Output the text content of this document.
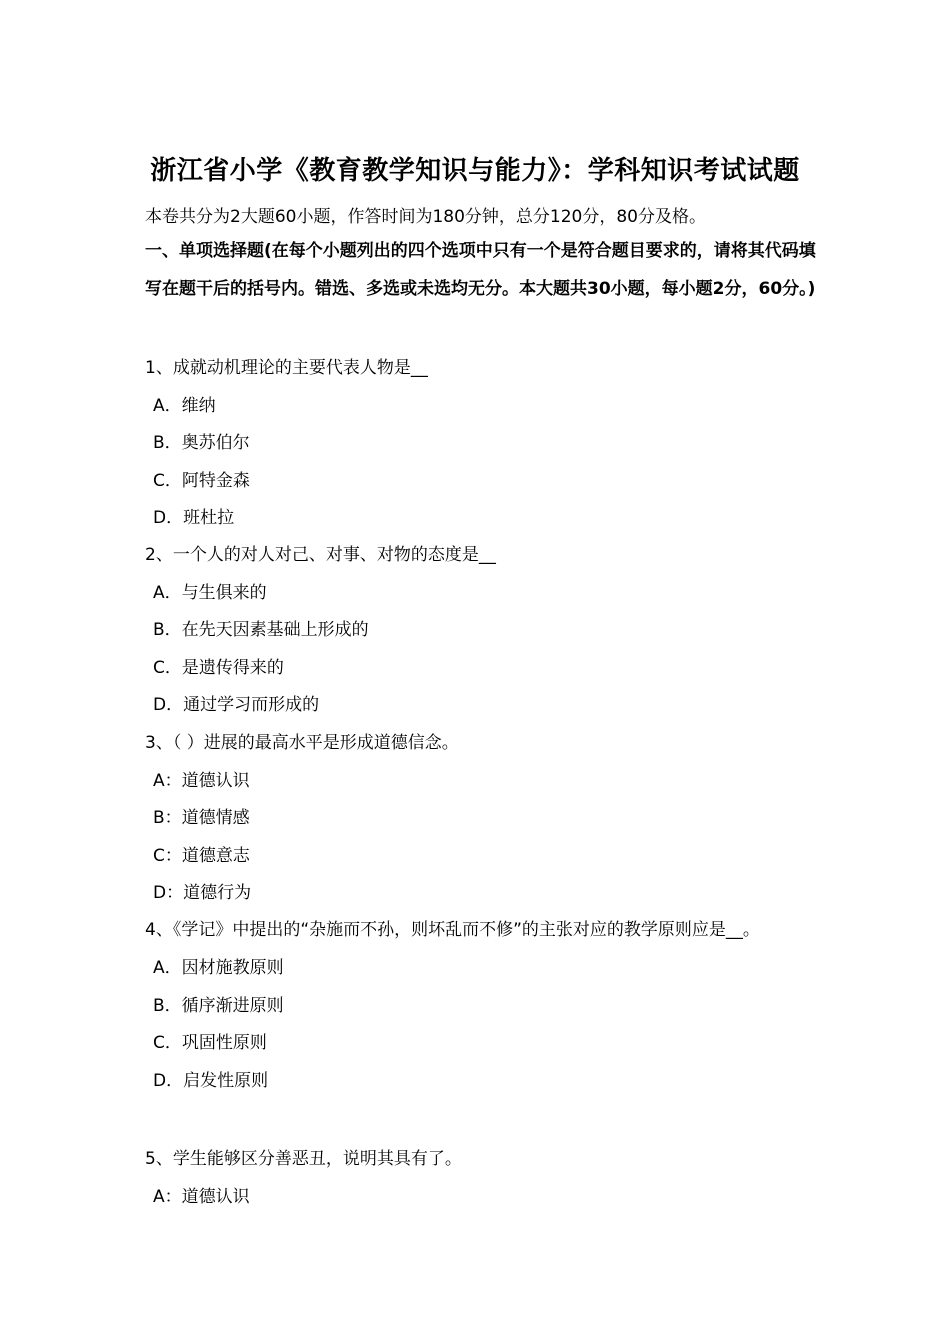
浙江省小学《教育教学知识与能力》：学科知识考试试题
本卷共分为2大题60小题，作答时间为180分钟，总分120分，80分及格。
一、单项选择题(在每个小题列出的四个选项中只有一个是符合题目要求的，请将其代码填写在题干后的括号内。错选、多选或未选均无分。本大题共30小题，每小题2分，60分。)
1、成就动机理论的主要代表人物是__
A．维纳
B．奥苏伯尔
C．阿特金森
D．班杜拉
2、一个人的对人对己、对事、对物的态度是__
A．与生俱来的
B．在先天因素基础上形成的
C．是遗传得来的
D．通过学习而形成的
3、（ ）进展的最高水平是形成道德信念。
A：道德认识
B：道德情感
C：道德意志
D：道德行为
4、《学记》中提出的“杂施而不孙，则坏乱而不修”的主张对应的教学原则应是__。
A．因材施教原则
B．循序渐进原则
C．巩固性原则
D．启发性原则
5、学生能够区分善恶丑，说明其具有了。
A：道德认识
